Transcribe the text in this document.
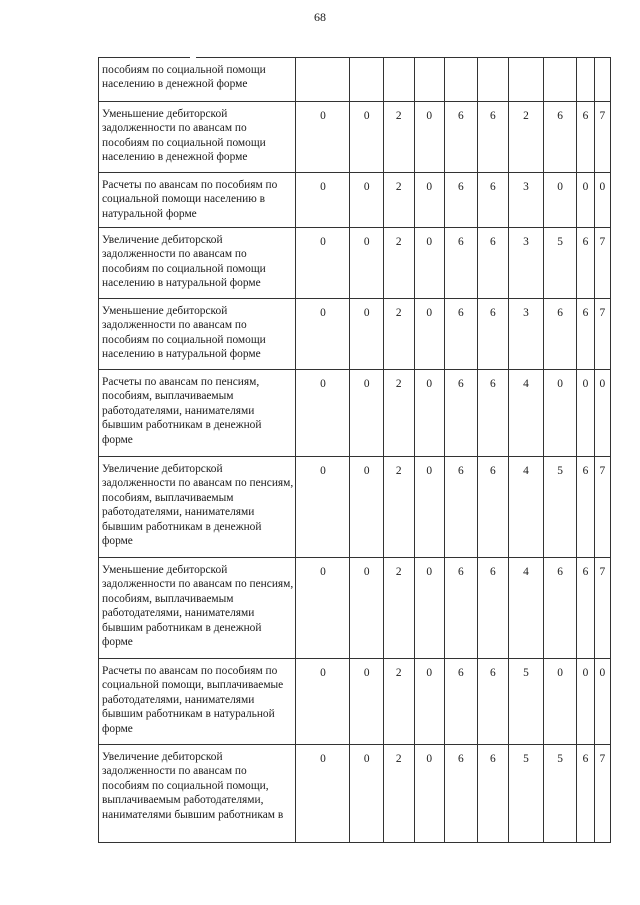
68
пособиям по социальной помощи населению в денежной форме										
Уменьшение дебиторской задолженности по авансам по пособиям по социальной помощи населению в денежной форме	0	0	2	0	6	6	2	6	6	7
Расчеты по авансам по пособиям по социальной помощи населению в натуральной форме	0	0	2	0	6	6	3	0	0	0
Увеличение дебиторской задолженности по авансам по пособиям по социальной помощи населению в натуральной форме	0	0	2	0	6	6	3	5	6	7
Уменьшение дебиторской задолженности по авансам по пособиям по социальной помощи населению в натуральной форме	0	0	2	0	6	6	3	6	6	7
Расчеты по авансам по пенсиям, пособиям, выплачиваемым работодателями, нанимателями бывшим работникам в денежной форме	0	0	2	0	6	6	4	0	0	0
Увеличение дебиторской задолженности по авансам по пенсиям, пособиям, выплачиваемым работодателями, нанимателями бывшим работникам в денежной форме	0	0	2	0	6	6	4	5	6	7
Уменьшение дебиторской задолженности по авансам по пенсиям, пособиям, выплачиваемым работодателями, нанимателями бывшим работникам в денежной форме	0	0	2	0	6	6	4	6	6	7
Расчеты по авансам по пособиям по социальной помощи, выплачиваемые работодателями, нанимателями бывшим работникам в натуральной форме	0	0	2	0	6	6	5	0	0	0
Увеличение дебиторской задолженности по авансам по пособиям по социальной помощи, выплачиваемым работодателями, нанимателями бывшим работникам в	0	0	2	0	6	6	5	5	6	7
